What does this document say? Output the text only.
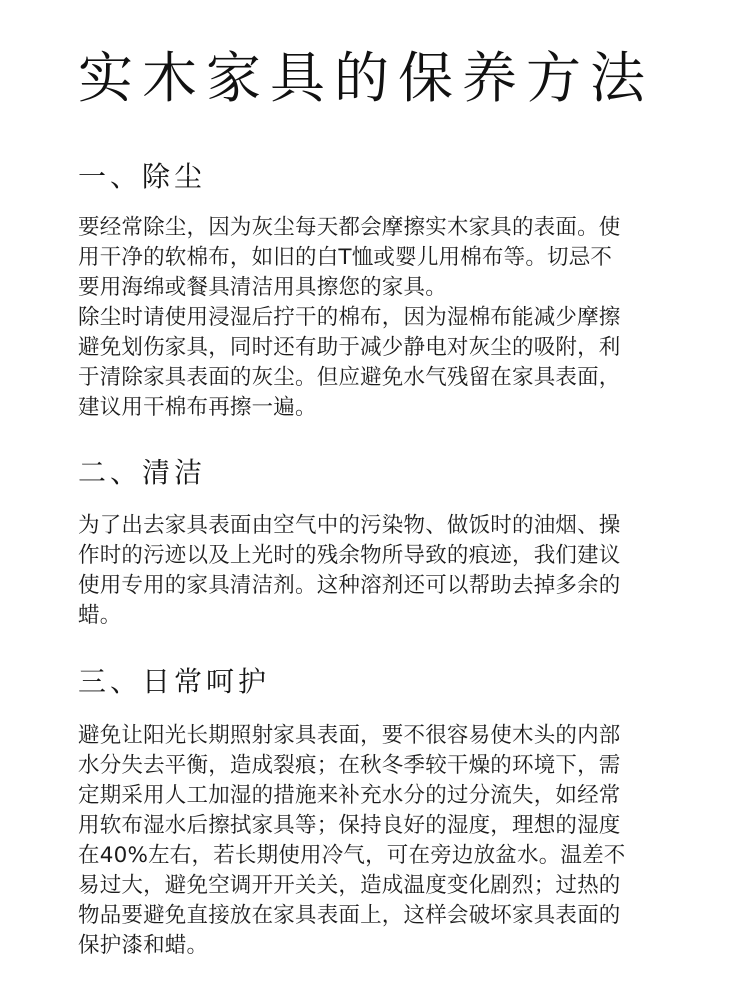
实木家具的保养方法
一、除尘
要经常除尘，因为灰尘每天都会摩擦实木家具的表面。使
用干净的软棉布，如旧的白T恤或婴儿用棉布等。切忌不
要用海绵或餐具清洁用具擦您的家具。
除尘时请使用浸湿后拧干的棉布，因为湿棉布能减少摩擦
避免划伤家具，同时还有助于减少静电对灰尘的吸附，利
于清除家具表面的灰尘。但应避免水气残留在家具表面，
建议用干棉布再擦一遍。
二、清洁
为了出去家具表面由空气中的污染物、做饭时的油烟、操
作时的污迹以及上光时的残余物所导致的痕迹，我们建议
使用专用的家具清洁剂。这种溶剂还可以帮助去掉多余的
蜡。
三、日常呵护
避免让阳光长期照射家具表面，要不很容易使木头的内部
水分失去平衡，造成裂痕；在秋冬季较干燥的环境下，需
定期采用人工加湿的措施来补充水分的过分流失，如经常
用软布湿水后擦拭家具等；保持良好的湿度，理想的湿度
在40%左右，若长期使用冷气，可在旁边放盆水。温差不
易过大，避免空调开开关关，造成温度变化剧烈；过热的
物品要避免直接放在家具表面上，这样会破坏家具表面的
保护漆和蜡。
